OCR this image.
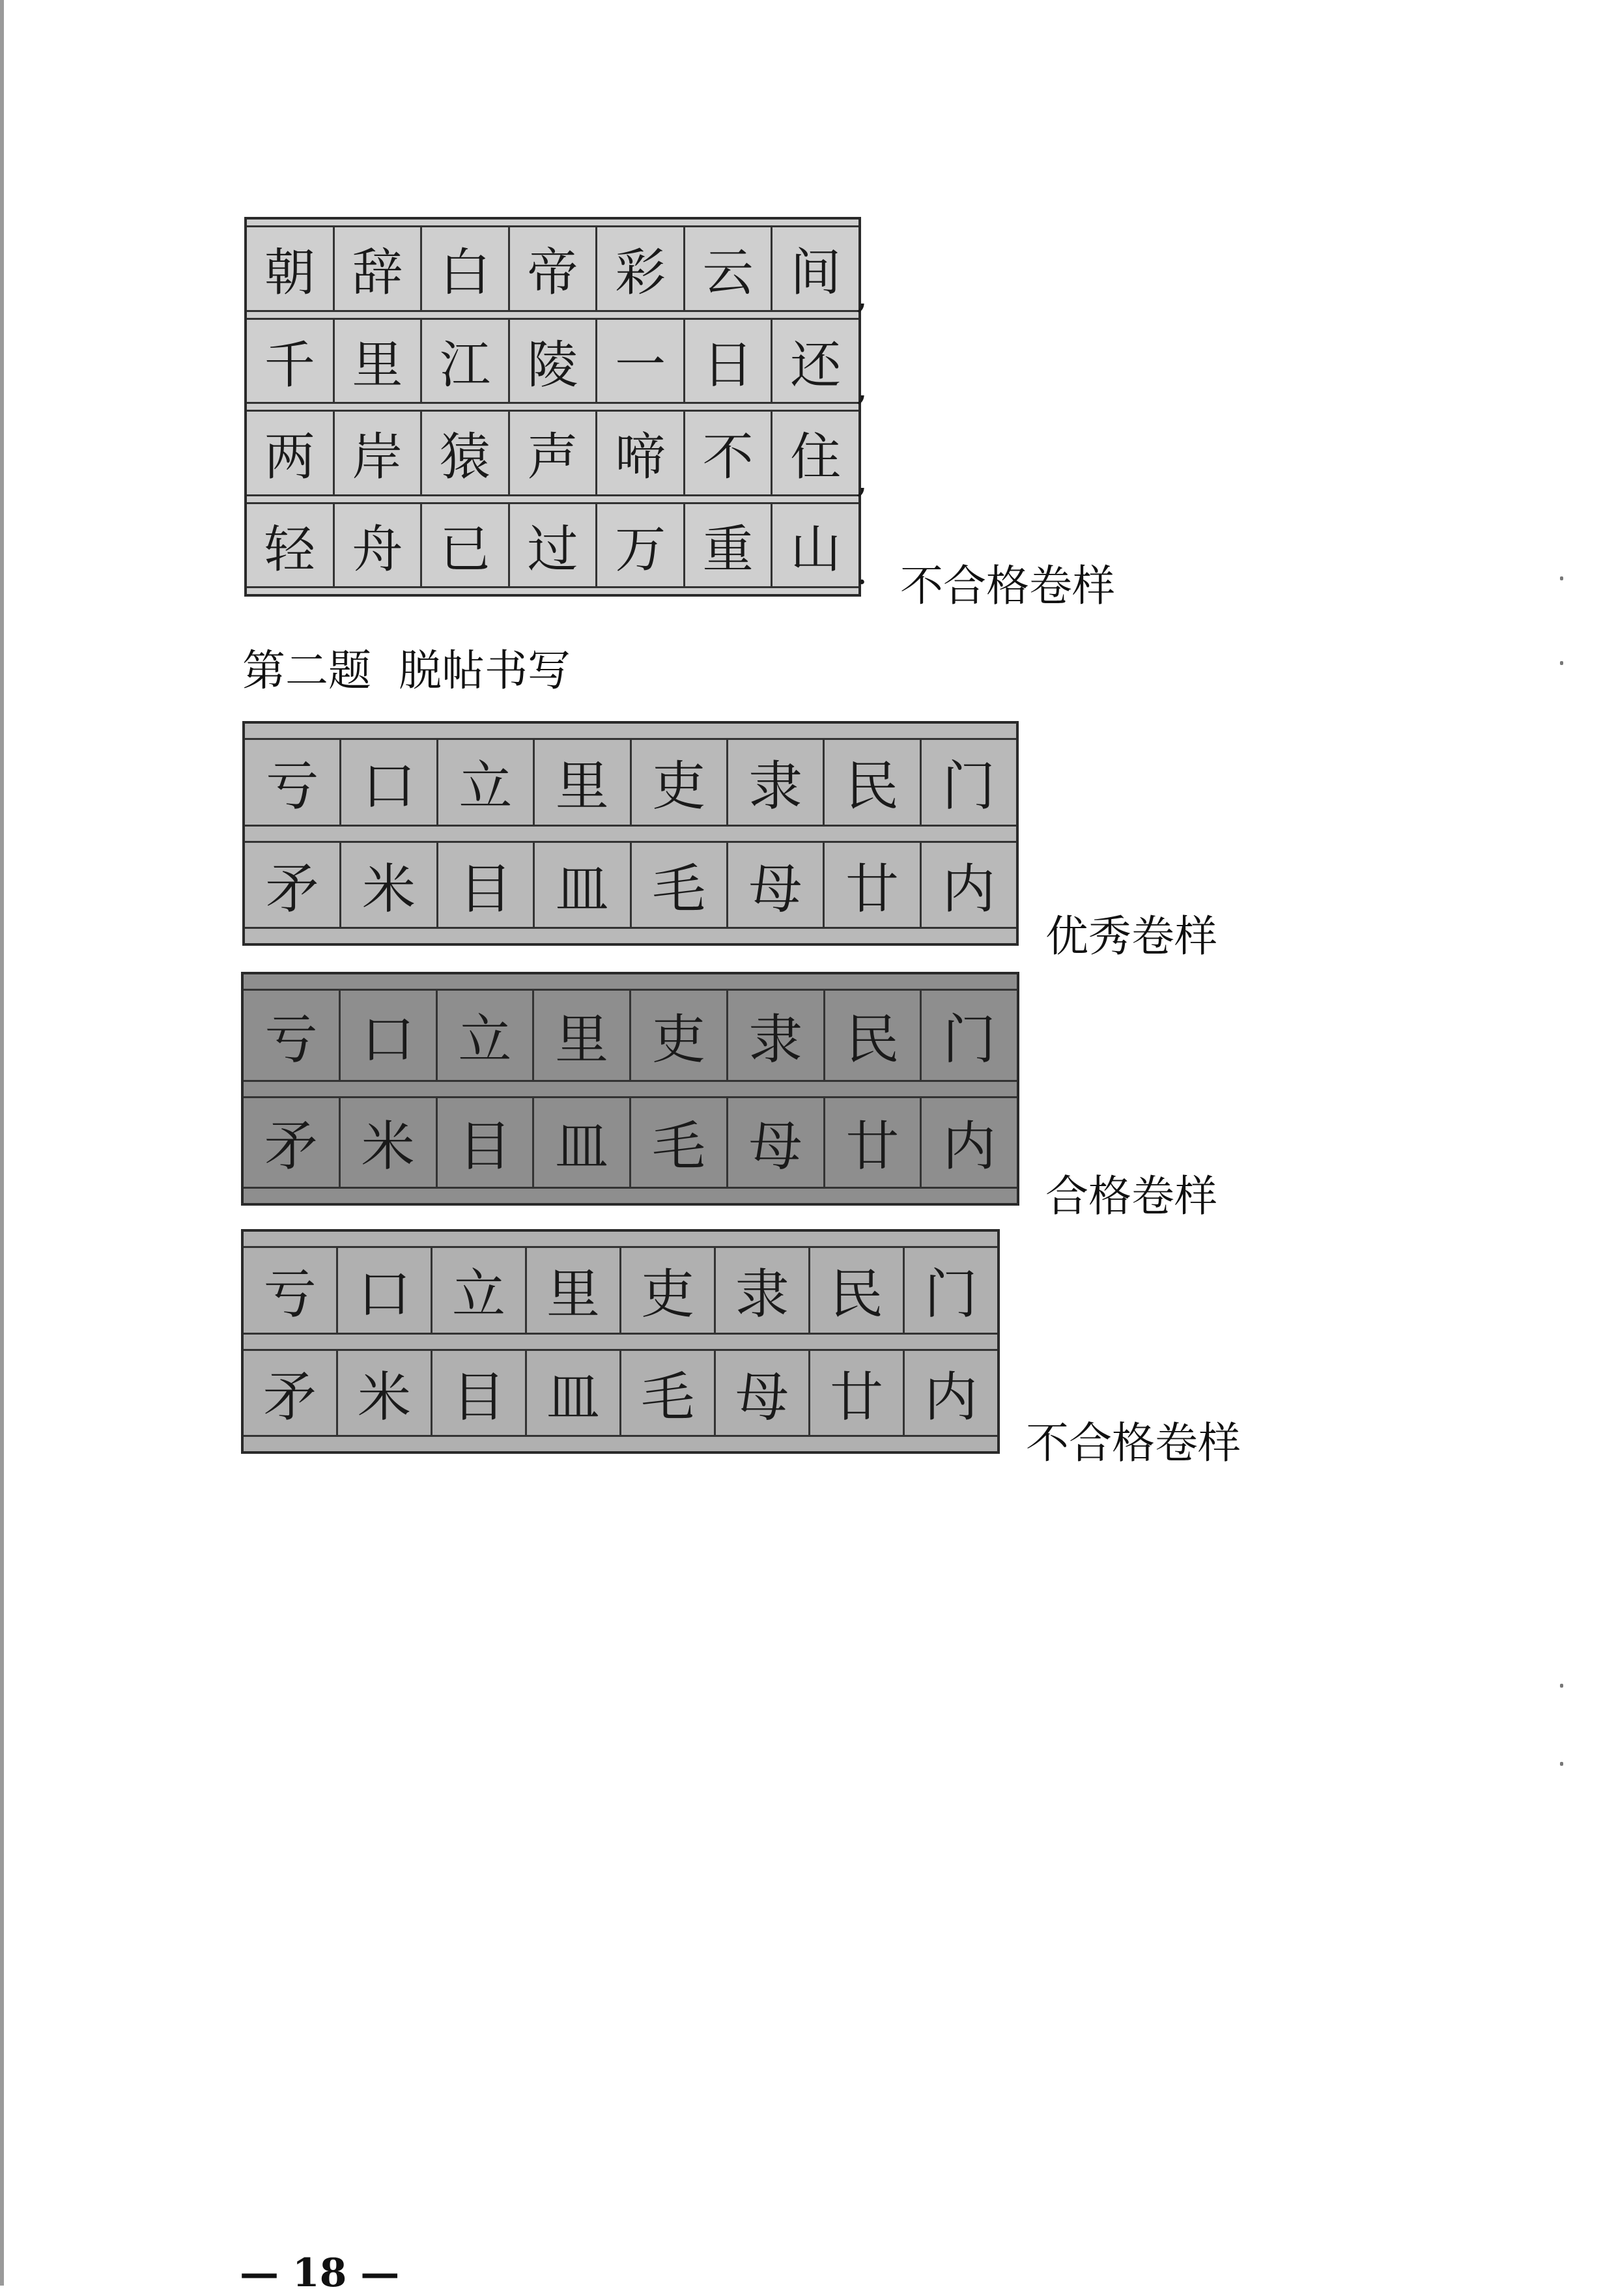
朝 辞 白 帝 彩 云 间 ,
千 里 江 陵 一 日 还 ,
两 岸 猿 声 啼 不 住 ,
轻 舟 已 过 万 重 山 . 不合格卷样
第二题  脱帖书写
亏 口 立 里 吏 隶 民 门
矛 米 目 皿 毛 母 廿 内
优秀卷样
亏 口 立 里 吏 隶 民 门
矛 米 目 皿 毛 母 廿 内
合格卷样
亏 口 立 里 吏 隶 民 门
矛 米 目 皿 毛 母 廿 内
不合格卷样
— 18 —
